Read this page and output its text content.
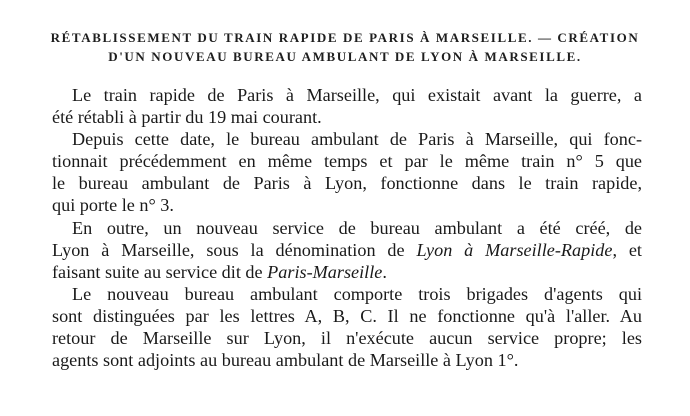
RÉTABLISSEMENT DU TRAIN RAPIDE DE PARIS À MARSEILLE. — CRÉATION
D'UN NOUVEAU BUREAU AMBULANT DE LYON À MARSEILLE.
Le train rapide de Paris à Marseille, qui existait avant la guerre, a
été rétabli à partir du 19 mai courant.
Depuis cette date, le bureau ambulant de Paris à Marseille, qui fonc-
tionnait précédemment en même temps et par le même train n° 5 que
le bureau ambulant de Paris à Lyon, fonctionne dans le train rapide,
qui porte le n° 3.
En outre, un nouveau service de bureau ambulant a été créé, de
Lyon à Marseille, sous la dénomination de Lyon à Marseille-Rapide, et
faisant suite au service dit de Paris-Marseille.
Le nouveau bureau ambulant comporte trois brigades d'agents qui
sont distinguées par les lettres A, B, C. Il ne fonctionne qu'à l'aller. Au
retour de Marseille sur Lyon, il n'exécute aucun service propre; les
agents sont adjoints au bureau ambulant de Marseille à Lyon 1°.
